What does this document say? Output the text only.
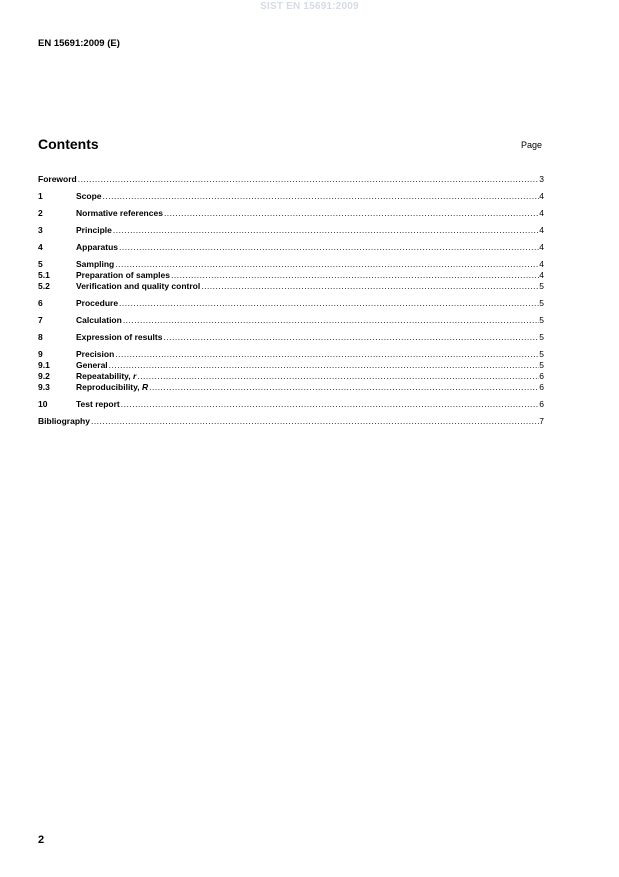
SIST EN 15691:2009
EN 15691:2009 (E)
Contents	Page
Foreword .....	3
1	Scope .....	4
2	Normative references .....	4
3	Principle .....	4
4	Apparatus .....	4
5	Sampling .....	4
5.1	Preparation of samples .....	4
5.2	Verification and quality control .....	5
6	Procedure .....	5
7	Calculation .....	5
8	Expression of results .....	5
9	Precision .....	5
9.1	General .....	5
9.2	Repeatability, r .....	6
9.3	Reproducibility, R .....	6
10	Test report .....	6
Bibliography .....	7
2
